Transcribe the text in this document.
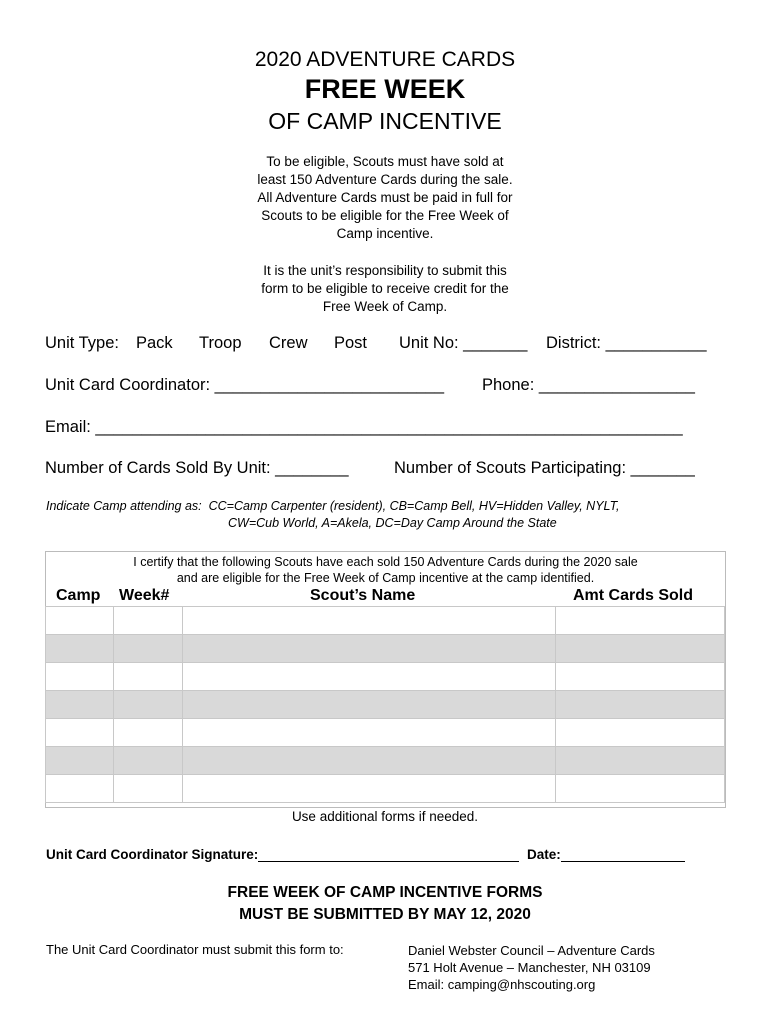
2020 ADVENTURE CARDS
FREE WEEK
OF CAMP INCENTIVE
To be eligible, Scouts must have sold at
least 150 Adventure Cards during the sale.
All Adventure Cards must be paid in full for
Scouts to be eligible for the Free Week of
Camp incentive.
It is the unit’s responsibility to submit this
form to be eligible to receive credit for the
Free Week of Camp.
Unit Type: Pack Troop Crew Post Unit No: _______ District: ___________
Unit Card Coordinator: _________________________ Phone: _________________
Email: ________________________________________________________________
Number of Cards Sold By Unit: ________	Number of Scouts Participating: _______
Indicate Camp attending as:  CC=Camp Carpenter (resident), CB=Camp Bell, HV=Hidden Valley, NYLT,
CW=Cub World, A=Akela, DC=Day Camp Around the State
I certify that the following Scouts have each sold 150 Adventure Cards during the 2020 sale
and are eligible for the Free Week of Camp incentive at the camp identified.
Camp Week#	Scout’s Name	Amt Cards Sold

Use additional forms if needed.
Unit Card Coordinator Signature:	Date:
FREE WEEK OF CAMP INCENTIVE FORMS
MUST BE SUBMITTED BY MAY 12, 2020
The Unit Card Coordinator must submit this form to:	Daniel Webster Council – Adventure Cards
571 Holt Avenue – Manchester, NH 03109
Email: camping@nhscouting.org
